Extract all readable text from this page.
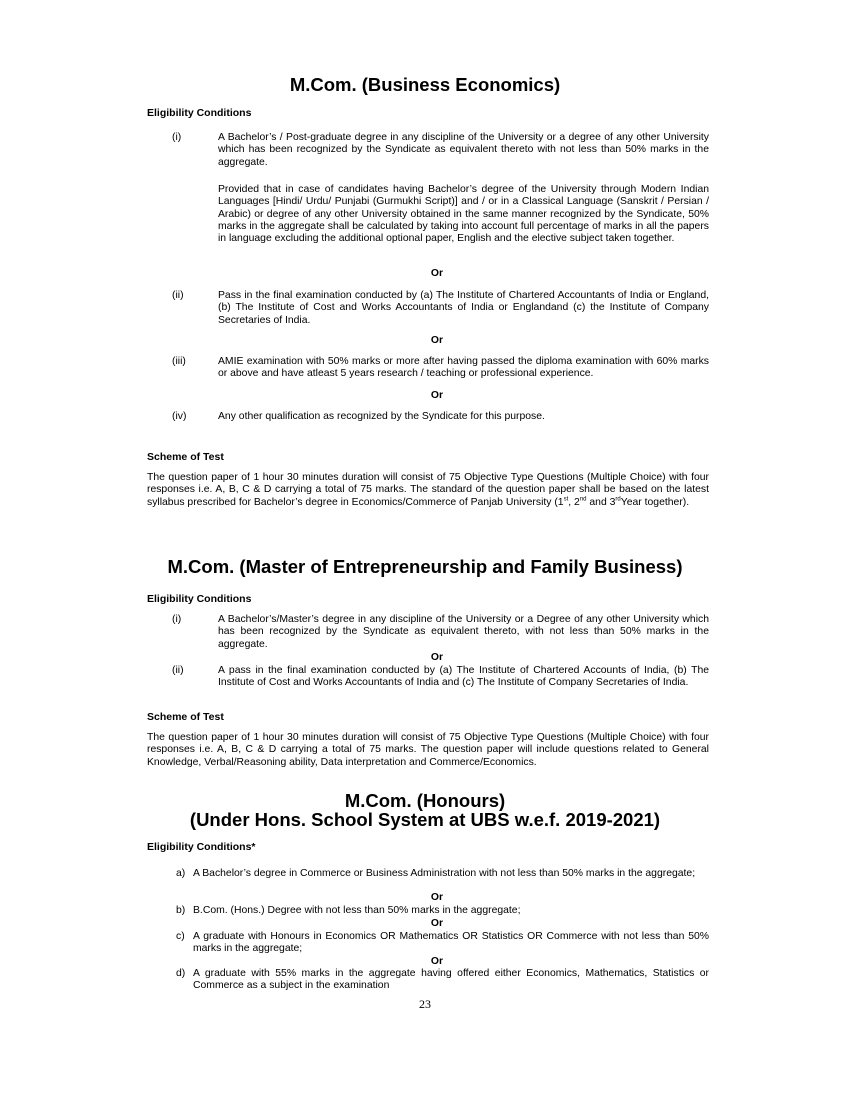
M.Com. (Business Economics)
Eligibility Conditions
(i)	A Bachelor’s / Post-graduate degree in any discipline of the University or a degree of any other University which has been recognized by the Syndicate as equivalent thereto with not less than 50% marks in the aggregate.
Provided that in case of candidates having Bachelor’s degree of the University through Modern Indian Languages [Hindi/ Urdu/ Punjabi (Gurmukhi Script)] and / or in a Classical Language (Sanskrit / Persian / Arabic) or degree of any other University obtained in the same manner recognized by the Syndicate, 50% marks in the aggregate shall be calculated by taking into account full percentage of marks in all the papers in language excluding the additional optional paper, English and the elective subject taken together.
Or
(ii)	Pass in the final examination conducted by (a) The Institute of Chartered Accountants of India or England, (b) The Institute of Cost and Works Accountants of India or Englandand (c) the Institute of Company Secretaries of India.
Or
(iii)	AMIE examination with 50% marks or more after having passed the diploma examination with 60% marks or above and have atleast 5 years research / teaching or professional experience.
Or
(iv)	Any other qualification as recognized by the Syndicate for this purpose.
Scheme of Test
The question paper of 1 hour 30 minutes duration will consist of 75 Objective Type Questions (Multiple Choice) with four responses i.e. A, B, C & D carrying a total of 75 marks. The standard of the question paper shall be based on the latest syllabus prescribed for Bachelor’s degree in Economics/Commerce of Panjab University (1st, 2nd and 3rdYear together).
M.Com. (Master of Entrepreneurship and Family Business)
Eligibility Conditions
(i)	A Bachelor’s/Master’s degree in any discipline of the University or a Degree of any other University which has been recognized by the Syndicate as equivalent thereto, with not less than 50% marks in the aggregate.
Or
(ii)	A pass in the final examination conducted by (a) The Institute of Chartered Accounts of India, (b) The Institute of Cost and Works Accountants of India and (c) The Institute of Company Secretaries of India.
Scheme of Test
The question paper of 1 hour 30 minutes duration will consist of 75 Objective Type Questions (Multiple Choice) with four responses i.e. A, B, C & D carrying a total of 75 marks. The question paper will include questions related to General Knowledge, Verbal/Reasoning ability, Data interpretation and Commerce/Economics.
M.Com. (Honours)
(Under Hons. School System at UBS w.e.f. 2019-2021)
Eligibility Conditions*
a) A Bachelor’s degree in Commerce or Business Administration with not less than 50% marks in the aggregate;
Or
b) B.Com. (Hons.) Degree with not less than 50% marks in the aggregate;
Or
c) A graduate with Honours in Economics OR Mathematics OR Statistics OR Commerce with not less than 50% marks in the aggregate;
Or
d) A graduate with 55% marks in the aggregate having offered either Economics, Mathematics, Statistics or Commerce as a subject in the examination
23
